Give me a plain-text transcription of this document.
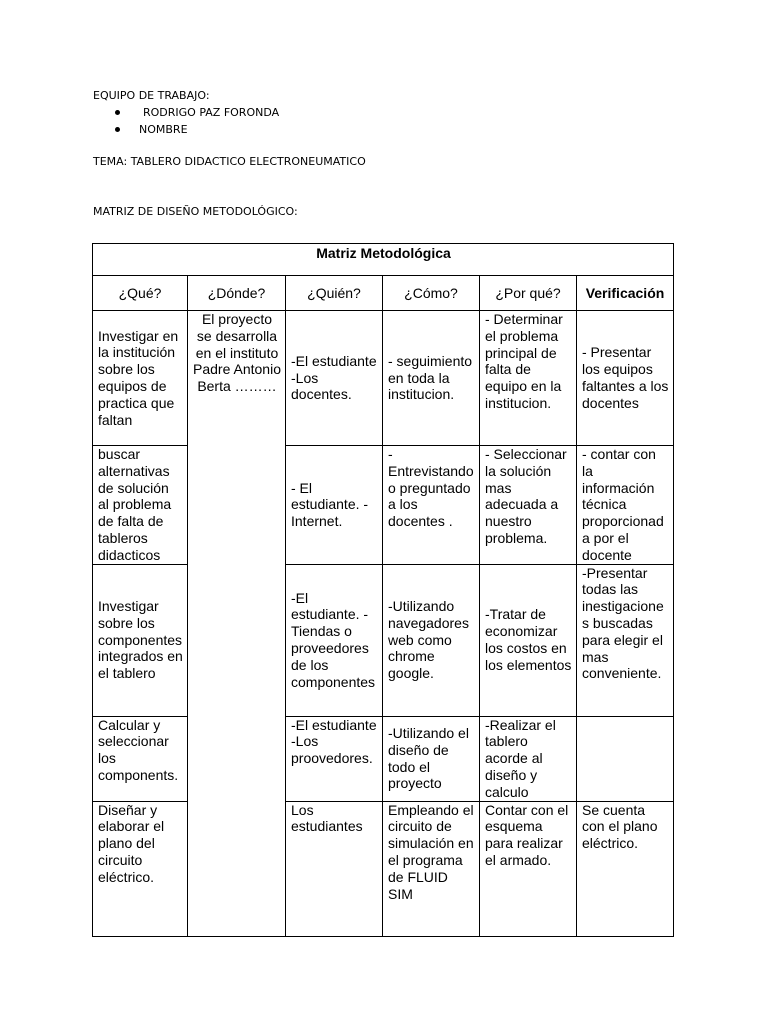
EQUIPO DE TRABAJO:
RODRIGO PAZ FORONDA
NOMBRE
TEMA: TABLERO DIDACTICO ELECTRONEUMATICO
MATRIZ DE DISEÑO METODOLÓGICO:
Matriz Metodológica					
¿Qué?	¿Dónde?	¿Quién?	¿Cómo?	¿Por qué?	Verificación
Investigar en la institución sobre los equipos de practica que faltan	El proyecto se desarrolla en el instituto Padre Antonio Berta ………	-El estudiante -Los docentes.	- seguimiento en toda la institucion.	- Determinar el problema principal de falta de equipo en la institucion.	- Presentar los equipos faltantes a los docentes
buscar alternativas de solución al problema de falta de tableros didacticos		- El estudiante. - Internet.	- Entrevistando o preguntado a los docentes .	- Seleccionar la solución mas adecuada a nuestro problema.	- contar con la información técnica proporcionada por el docente
Investigar sobre los componentes integrados en el tablero		-El estudiante. -Tiendas o proveedores de los componentes	-Utilizando navegadores web como chrome google.	-Tratar de economizar los costos en los elementos	-Presentar todas las inestigaciones buscadas para elegir el mas conveniente.
Calcular y seleccionar los components.		-El estudiante -Los proovedores.	-Utilizando el diseño de todo el proyecto	-Realizar el tablero acorde al diseño y calculo	
Diseñar y elaborar el plano del circuito eléctrico.		Los estudiantes	Empleando el circuito de simulación en el programa de FLUID SIM	Contar con el esquema para realizar el armado.	Se cuenta con el plano eléctrico.
